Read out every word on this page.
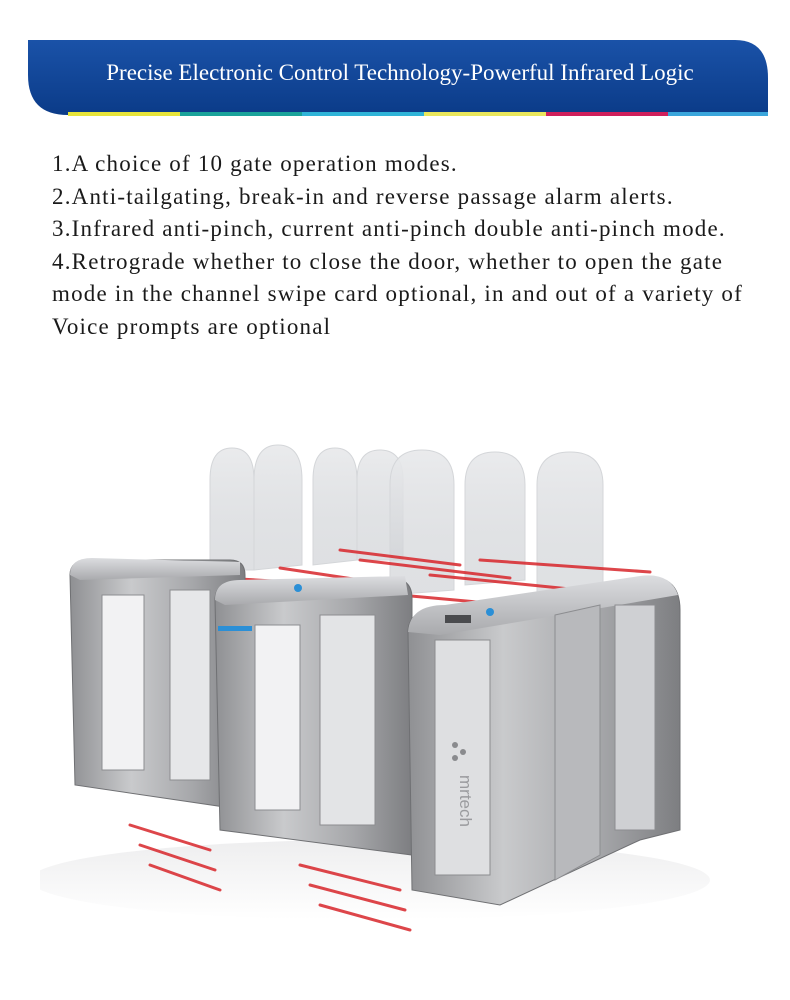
Precise Electronic Control Technology-Powerful Infrared Logic
1.A choice of 10 gate operation modes.
2.Anti-tailgating, break-in and reverse passage alarm alerts.
3.Infrared anti-pinch, current anti-pinch double anti-pinch mode.
4.Retrograde whether to close the door, whether to open the gate mode in the channel swipe card optional, in and out of a variety of Voice prompts are optional
mrtech
